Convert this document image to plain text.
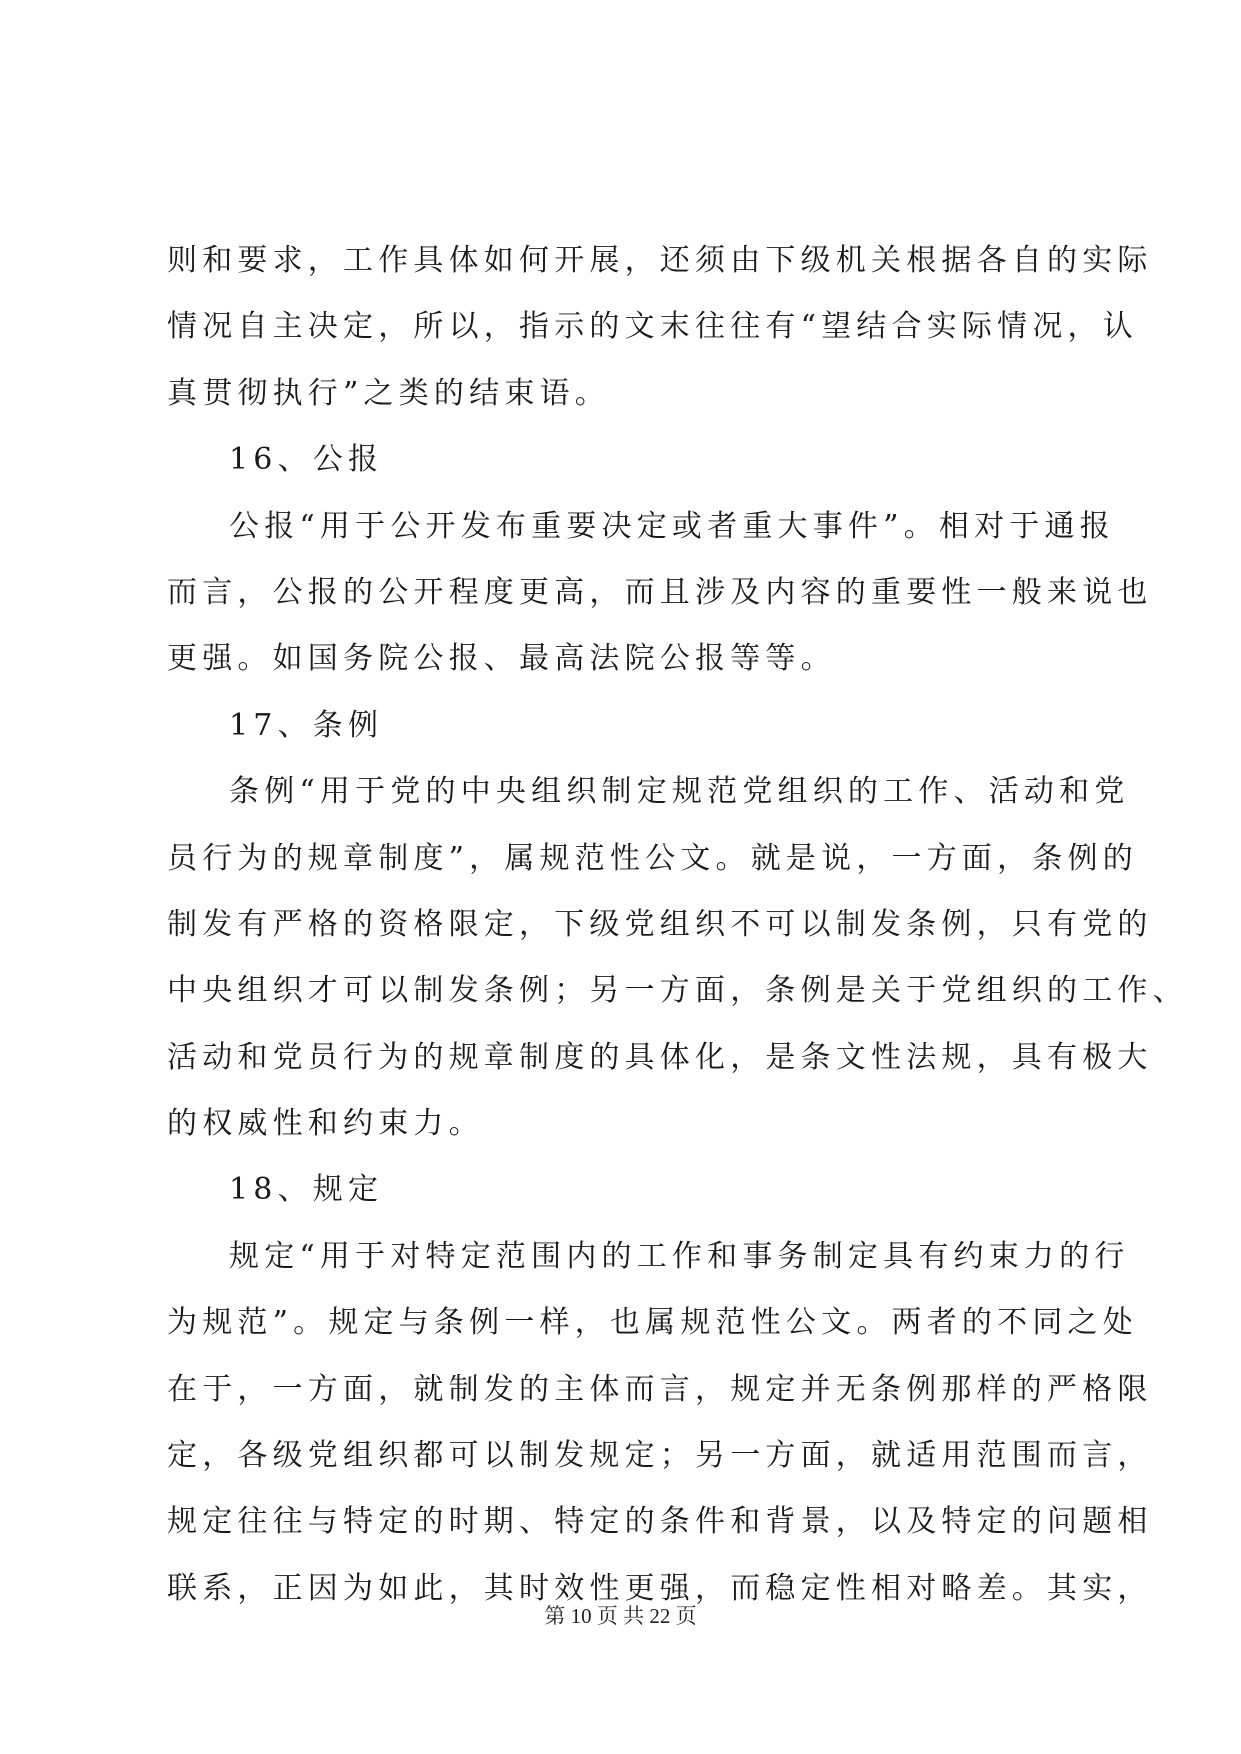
则和要求，工作具体如何开展，还须由下级机关根据各自的实际
情况自主决定，所以，指示的文末往往有“望结合实际情况，认
真贯彻执行”之类的结束语。
16、公报
公报“用于公开发布重要决定或者重大事件”。相对于通报
而言，公报的公开程度更高，而且涉及内容的重要性一般来说也
更强。如国务院公报、最高法院公报等等。
17、条例
条例“用于党的中央组织制定规范党组织的工作、活动和党
员行为的规章制度”，属规范性公文。就是说，一方面，条例的
制发有严格的资格限定，下级党组织不可以制发条例，只有党的
中央组织才可以制发条例；另一方面，条例是关于党组织的工作、
活动和党员行为的规章制度的具体化，是条文性法规，具有极大
的权威性和约束力。
18、规定
规定“用于对特定范围内的工作和事务制定具有约束力的行
为规范”。规定与条例一样，也属规范性公文。两者的不同之处
在于，一方面，就制发的主体而言，规定并无条例那样的严格限
定，各级党组织都可以制发规定；另一方面，就适用范围而言，
规定往往与特定的时期、特定的条件和背景，以及特定的问题相
联系，正因为如此，其时效性更强，而稳定性相对略差。其实，
第 10 页 共 22 页
